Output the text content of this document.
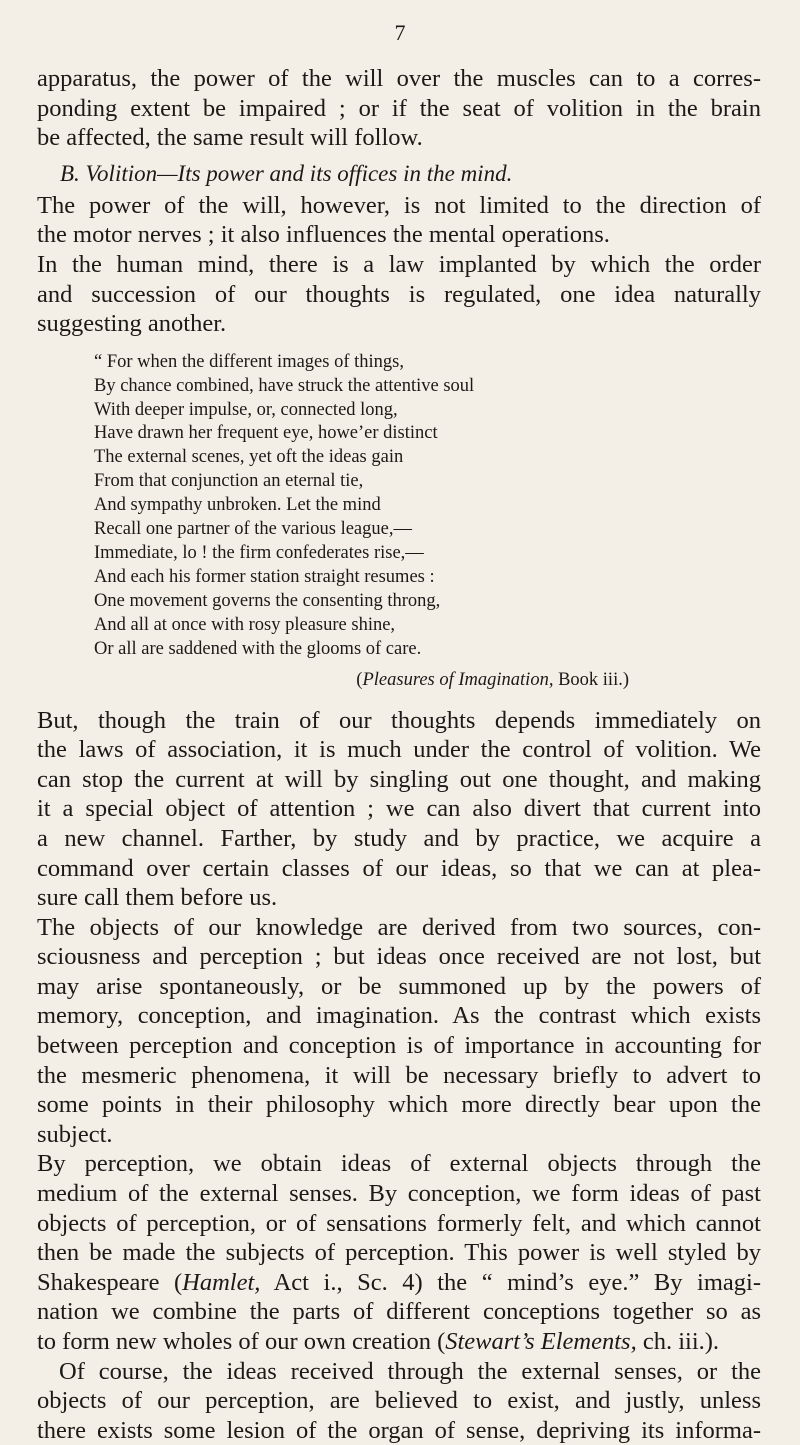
7

apparatus, the power of the will over the muscles can to a corres-
ponding extent be impaired ; or if the seat of volition in the brain
be affected, the same result will follow.

B. Volition—Its power and its offices in the mind.

The power of the will, however, is not limited to the direction of
the motor nerves ; it also influences the mental operations.

In the human mind, there is a law implanted by which the order
and succession of our thoughts is regulated, one idea naturally
suggesting another.

“ For when the different images of things,
By chance combined, have struck the attentive soul
With deeper impulse, or, connected long,
Have drawn her frequent eye, howe’er distinct
The external scenes, yet oft the ideas gain
From that conjunction an eternal tie,
And sympathy unbroken. Let the mind
Recall one partner of the various league,—
Immediate, lo ! the firm confederates rise,—
And each his former station straight resumes :
One movement governs the consenting throng,
And all at once with rosy pleasure shine,
Or all are saddened with the glooms of care.
(Pleasures of Imagination, Book iii.)

But, though the train of our thoughts depends immediately on
the laws of association, it is much under the control of volition. We
can stop the current at will by singling out one thought, and making
it a special object of attention ; we can also divert that current into
a new channel. Farther, by study and by practice, we acquire a
command over certain classes of our ideas, so that we can at plea-
sure call them before us.

The objects of our knowledge are derived from two sources, con-
sciousness and perception ; but ideas once received are not lost, but
may arise spontaneously, or be summoned up by the powers of
memory, conception, and imagination. As the contrast which exists
between perception and conception is of importance in accounting for
the mesmeric phenomena, it will be necessary briefly to advert to
some points in their philosophy which more directly bear upon the
subject.

By perception, we obtain ideas of external objects through the
medium of the external senses. By conception, we form ideas of past
objects of perception, or of sensations formerly felt, and which cannot
then be made the subjects of perception. This power is well styled by
Shakespeare (Hamlet, Act i., Sc. 4) the “ mind’s eye.” By imagi-
nation we combine the parts of different conceptions together so as
to form new wholes of our own creation (Stewart’s Elements, ch. iii.).

Of course, the ideas received through the external senses, or the
objects of our perception, are believed to exist, and justly, unless
there exists some lesion of the organ of sense, depriving its informa-
